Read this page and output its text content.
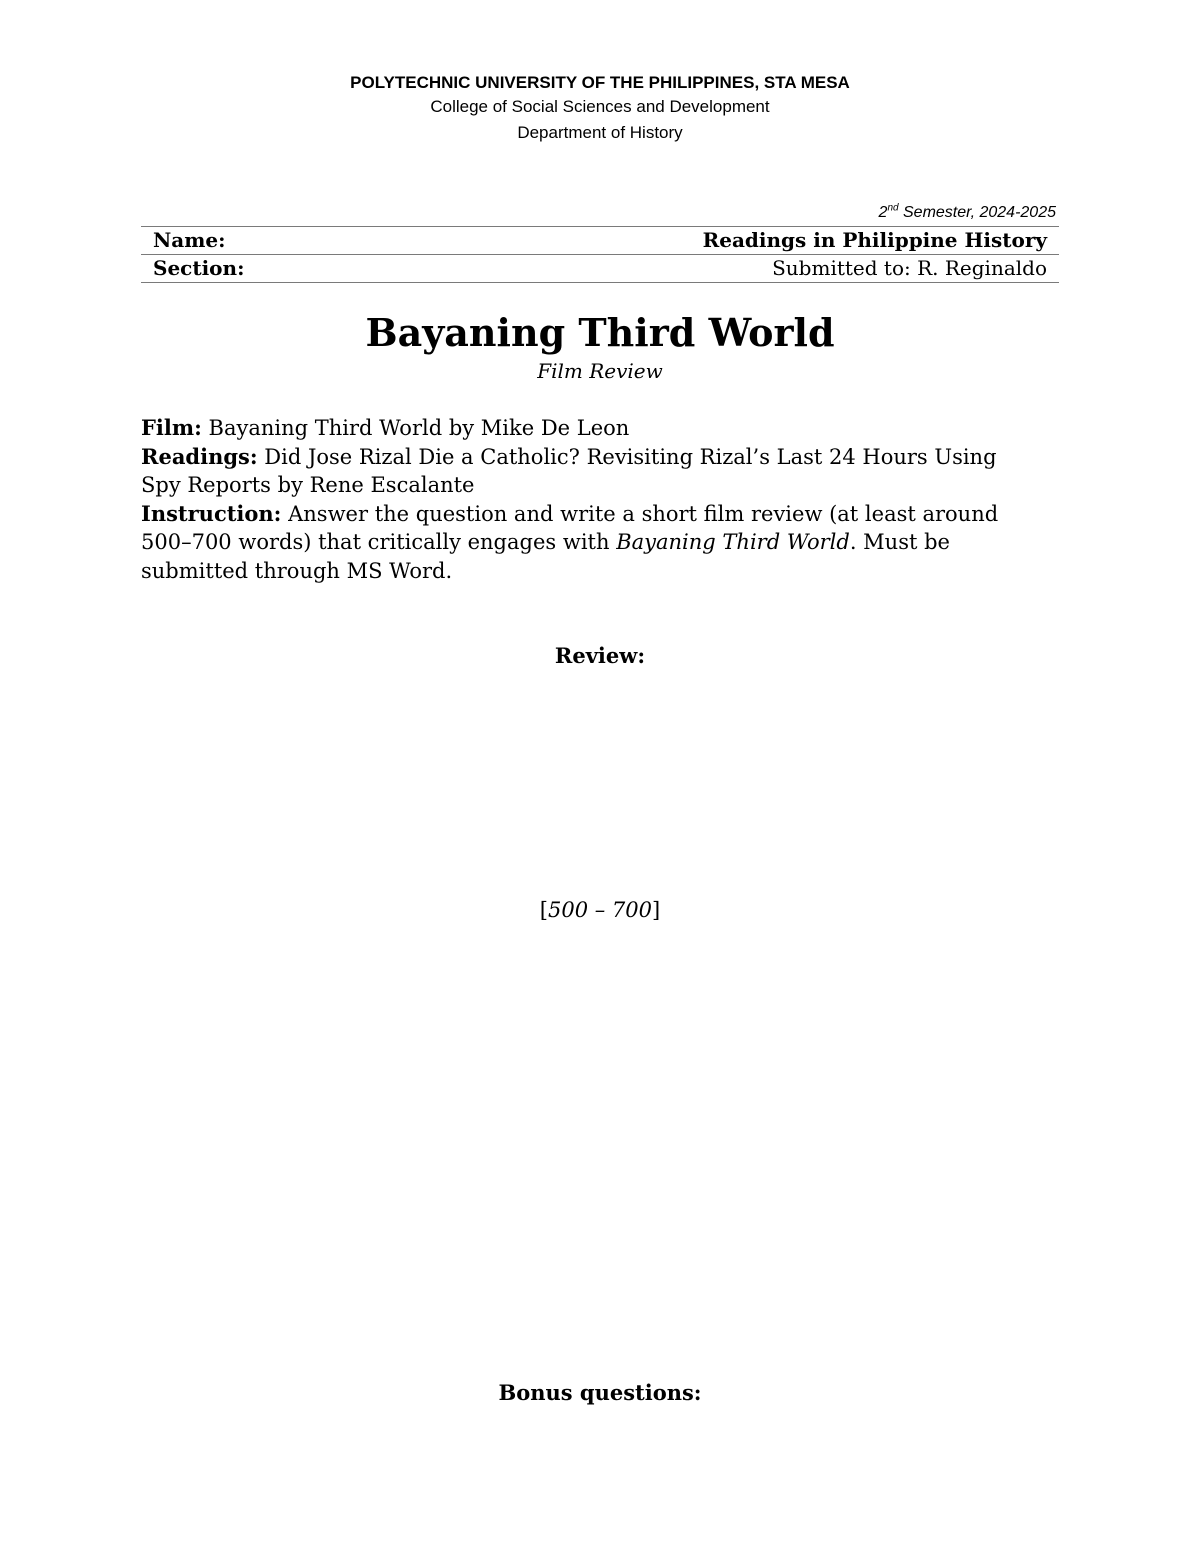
POLYTECHNIC UNIVERSITY OF THE PHILIPPINES, STA MESA
College of Social Sciences and Development
Department of History
2nd Semester, 2024-2025
Name:	Readings in Philippine History
Section:	Submitted to: R. Reginaldo
Bayaning Third World
Film Review

Film: Bayaning Third World by Mike De Leon

Readings: Did Jose Rizal Die a Catholic? Revisiting Rizal’s Last 24 Hours Using Spy Reports by Rene Escalante

Instruction: Answer the question and write a short film review (at least around 500–700 words) that critically engages with Bayaning Third World. Must be submitted through MS Word.

Review:
[500 – 700]
Bonus questions:
